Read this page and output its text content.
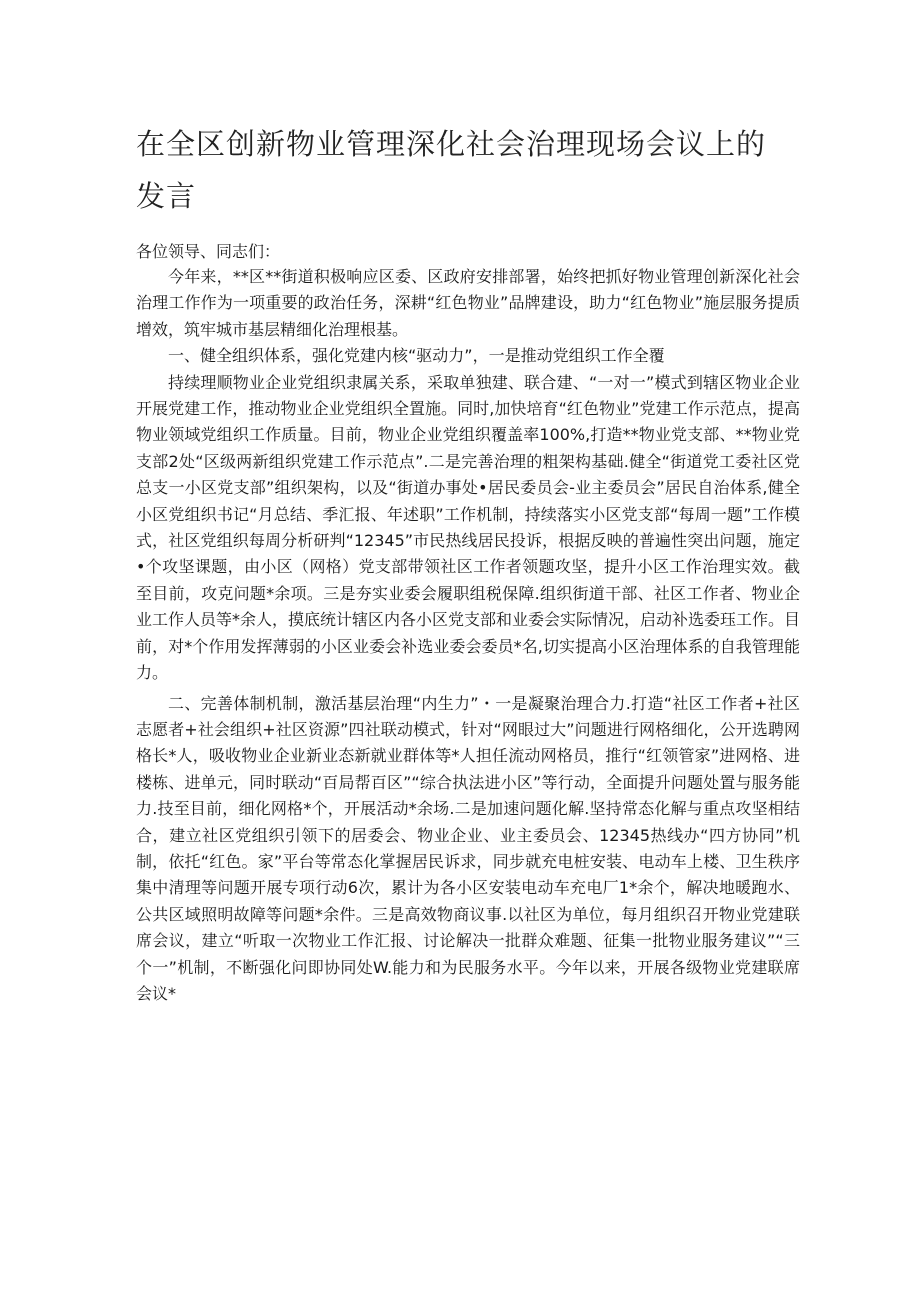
在全区创新物业管理深化社会治理现场会议上的发言
各位领导、同志们：

今年来，**区**街道积极响应区委、区政府安排部署，始终把抓好物业管理创新深化社会治理工作作为一项重要的政治任务，深耕“红色物业”品牌建设，助力“红色物业”施层服务提质增效，筑牢城市基层精细化治理根基。

一、健全组织体系，强化党建内核“驱动力”，一是推动党组织工作全覆

持续理顺物业企业党组织隶属关系，采取单独建、联合建、“一对一”模式到辖区物业企业开展党建工作，推动物业企业党组织全置施。同时,加快培育“红色物业”党建工作示范点，提高物业领域党组织工作质量。目前，物业企业党组织覆盖率100%,打造**物业党支部、**物业党支部2处“区级两新组织党建工作示范点”.二是完善治理的粗架构基础.健全“街道党工委社区党总支一小区党支部”组织架构，以及“街道办事处•居民委员会-业主委员会”居民自治体系,健全小区党组织书记“月总结、季汇报、年述职”工作机制，持续落实小区党支部“每周一题”工作模式，社区党组织每周分析研判“12345”市民热线居民投诉，根据反映的普遍性突出问题，施定•个攻坚课题，由小区（网格）党支部带领社区工作者领题攻坚，提升小区工作治理实效。截至目前，攻克问题*余项。三是夯实业委会履职组税保障.组织街道干部、社区工作者、物业企业工作人员等*余人，摸底统计辖区内各小区党支部和业委会实际情况，启动补选委珏工作。目前，对*个作用发挥薄弱的小区业委会补选业委会委员*名,切实提高小区治理体系的自我管理能力。

二、完善体制机制，激活基层治理“内生力”・一是凝聚治理合力.打造“社区工作者+社区志愿者+社会组织+社区资源”四社联动模式，针对“网眼过大”问题进行网格细化，公开选聘网格长*人，吸收物业企业新业态新就业群体等*人担任流动网格员，推行“红领管家”进网格、进楼栋、进单元，同时联动“百局帮百区”“综合执法进小区”等行动，全面提升问题处置与服务能力.技至目前，细化网格*个，开展活动*余场.二是加速问题化解.坚持常态化解与重点攻坚相结合，建立社区党组织引领下的居委会、物业企业、业主委员会、12345热线办“四方协同”机制，依托“红色。家”平台等常态化掌握居民诉求，同步就充电桩安装、电动车上楼、卫生秩序集中清理等问题开展专项行动6次，累计为各小区安装电动车充电厂1*余个，解决地暖跑水、公共区域照明故障等问题*余件。三是高效物商议事.以社区为单位，每月组织召开物业党建联席会议，建立“听取一次物业工作汇报、讨论解决一批群众难题、征集一批物业服务建议”“三个一”机制，不断强化问即协同处W.能力和为民服务水平。今年以来，开展各级物业党建联席会议*
